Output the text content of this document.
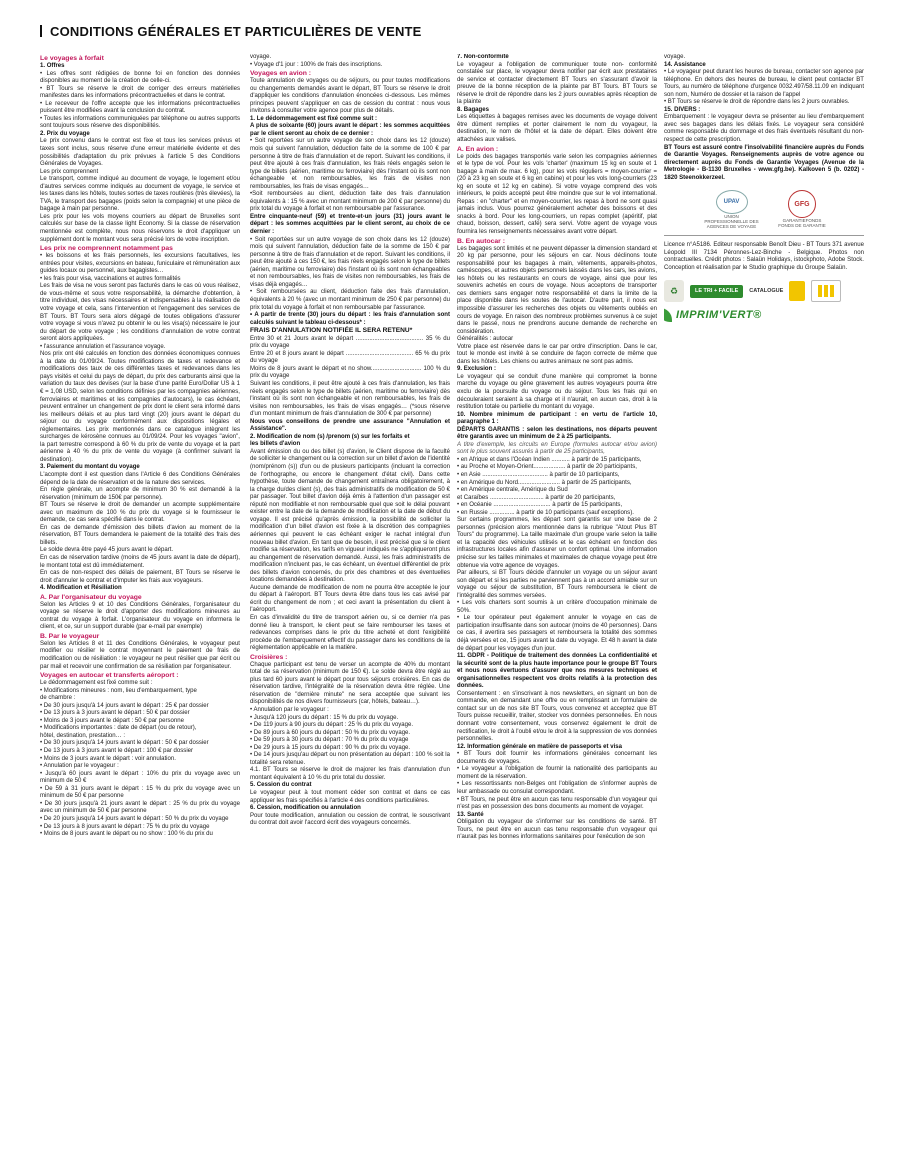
CONDITIONS GÉNÉRALES ET PARTICULIÈRES DE VENTE

Le voyages à forfait

1. Offres

• Les offres sont rédigées de bonne foi en fonction des données disponibles au moment de la création de celle-ci.

• BT Tours se réserve le droit de corriger des erreurs matérielles manifestes dans les informations précontractuelles et dans le contrat.

• Le receveur de l'offre accepte que les informations précontractuelles puissent être modifiées avant la conclusion du contrat.

• Toutes les informations communiquées par téléphone ou autres supports sont toujours sous réserve des disponibilités.

2. Prix du voyage

Le prix convenu dans le contrat est fixe et tous les services prévus et taxes sont inclus, sous réserve d'une erreur matérielle évidente et des possibilités d'adaptation du prix prévues à l'article 5 des Conditions Générales de Voyages.

Les prix comprennent

Le transport, comme indiqué au document de voyage, le logement et/ou d'autres services comme indiqués au document de voyage, le service et les taxes dans les hôtels, toutes sortes de taxes routières (très élevées), la TVA, le transport des bagages (poids selon la compagnie) et une pièce de bagage à main par personne.

Les prix pour les vols moyens courriers au départ de Bruxelles sont calculés sur base de la classe light Economy. Si la classe de réservation mentionnée est complète, nous nous réservons le droit d'appliquer un supplément dont le montant vous sera précisé lors de votre inscription.

Les prix ne comprennent notamment pas

• les boissons et les frais personnels, les excursions facultatives, les entrées pour visites, excursions en bateau, funiculaire et rémunération aux guides locaux ou personnel, aux bagagistes…

• les frais pour visa, vaccinations et autres formalités

Les frais de visa ne vous seront pas facturés dans le cas où vous réalisez, de vous-même et sous votre responsabilité, la démarche d'obtention, à titre individuel, des visas nécessaires et indispensables à la réalisation de votre voyage et cela, sans l'intervention et l'engagement des services de BT Tours. BT Tours sera alors dégagé de toutes obligations d'assurer votre voyage si vous n'avez pu obtenir le ou les visa(s) nécessaire le jour du départ de votre voyage ; les conditions d'annulation de votre contrat seront alors appliquées.

• l'assurance annulation et l'assurance voyage.

Nos prix ont été calculés en fonction des données économiques connues à la date du 01/09/24. Toutes modifications de taxes et redevance et modifications des taux de ces différentes taxes et redevances dans les pays visités et celui du pays de départ, du prix des carburants ainsi que la variation du taux des devises (sur la base d'une parité Euro/Dollar US à 1 € = 1,08 USD, selon les conditions définies par les compagnies aériennes, ferroviaires et maritimes et les compagnies d'autocars), le cas échéant, peuvent entraîner un changement de prix dont le client sera informé dans les meilleurs délais et au plus tard vingt (20) jours avant le départ du séjour ou du voyage conformément aux dispositions légales et réglementaires. Les prix mentionnés dans ce catalogue intègrent les surcharges de kérosène connues au 01/09/24. Pour les voyages "avion", la part terrestre correspond à 60 % du prix de vente du voyage et la part aérienne à 40 % du prix de vente du voyage (à confirmer suivant la destination).

3. Paiement du montant du voyage

L'acompte dont il est question dans l'Article 6 des Conditions Générales dépend de la date de réservation et de la nature des services.

En règle générale, un acompte de minimum 30 % est demandé à la réservation (minimum de 150€ par personne).

BT Tours se réserve le droit de demander un acompte supplémentaire avec un maximum de 100 % du prix du voyage si le fournisseur le demande, ce cas sera spécifié dans le contrat.

En cas de demande d'émission des billets d'avion au moment de la réservation, BT Tours demandera le paiement de la totalité des frais des billets.

Le solde devra être payé 45 jours avant le départ.

En cas de réservation tardive (moins de 45 jours avant la date de départ), le montant total est dû immédiatement.

En cas de non-respect des délais de paiement, BT Tours se réserve le droit d'annuler le contrat et d'imputer les frais aux voyageurs.

4. Modification et Résiliation

A. Par l'organisateur du voyage

Selon les Articles 9 et 10 des Conditions Générales, l'organisateur du voyage se réserve le droit d'apporter des modifications mineures au contrat du voyage à forfait. L'organisateur du voyage en informera le client, et ce, sur un support durable (par e-mail par exemple)

B. Par le voyageur

Selon les Articles 8 et 11 des Conditions Générales, le voyageur peut modifier ou résilier le contrat moyennant le paiement de frais de modification ou de résiliation : le voyageur ne peut résilier que par écrit ou par mail et recevoir une confirmation de sa résiliation par l'organisateur.

Voyages en autocar et transferts aéroport :

Le dédommagement est fixé comme suit :

• Modifications mineures : nom, lieu d'embarquement, type

de chambre :

• De 30 jours jusqu'à 14 jours avant le départ : 25 € par dossier

• De 13 jours à 3 jours avant le départ : 50 € par dossier

• Moins de 3 jours avant le départ : 50 € par personne

• Modifications importantes : date de départ (ou de retour),

hôtel, destination, prestation… :

• De 30 jours jusqu'à 14 jours avant le départ : 50 € par dossier

• De 13 jours à 3 jours avant le départ : 100 € par dossier

• Moins de 3 jours avant le départ : voir annulation.

• Annulation par le voyageur :

• Jusqu'à 60 jours avant le départ : 10% du prix du voyage avec un minimum de 50 €

• De 59 à 31 jours avant le départ : 15 % du prix du voyage avec un minimum de 50 € par personne

• De 30 jours jusqu'à 21 jours avant le départ : 25 % du prix du voyage avec un minimum de 50 € par personne

• De 20 jours jusqu'à 14 jours avant le départ : 50 % du prix du voyage

• De 13 jours à 8 jours avant le départ : 75 % du prix du voyage

• Moins de 8 jours avant le départ ou no show : 100 % du prix du

voyage.

• Voyage d'1 jour : 100% de frais des inscriptions.

Voyages en avion :

Toute annulation de voyages ou de séjours, ou pour toutes modifications ou changements demandés avant le départ, BT Tours se réserve le droit d'appliquer les conditions d'annulation énoncées ci-dessous. Les mêmes principes peuvent s'appliquer en cas de cession du contrat : nous vous invitons à consulter votre agence pour plus de détails.

1. Le dédommagement est fixé comme suit :

A plus de soixante (60) jours avant le départ : les sommes acquittées par le client seront au choix de ce dernier :

• Soit reportées sur un autre voyage de son choix dans les 12 (douze) mois qui suivent l'annulation, déduction faite de la somme de 100 € par personne à titre de frais d'annulation et de report. Suivant les conditions, il peut être ajouté à ces frais d'annulation, les frais réels engagés selon le type de billets (aérien, maritime ou ferroviaire) dès l'instant où ils sont non échangeable et non remboursables, les frais de visites non remboursables, les frais de visas engagés…

•Soit remboursées au client, déduction faite des frais d'annulation équivalents à : 15 % avec un montant minimum de 200 € par personne) du prix total du voyage à forfait et non remboursable par l'assurance.

Entre cinquante-neuf (59) et trente-et-un jours (31) jours avant le départ : les sommes acquittées par le client seront, au choix de ce dernier :

• Soit reportées sur un autre voyage de son choix dans les 12 (douze) mois qui suivent l'annulation, déduction faite de la somme de 150 € par personne à titre de frais d'annulation et de report. Suivant les conditions, il peut être ajouté à ces 150 €, les frais réels engagés selon le type de billets (aérien, maritime ou ferroviaire) dès l'instant où ils sont non échangeables et non remboursables, les frais de visites non remboursables, les frais de visas déjà engagés…

• Soit remboursées au client, déduction faite des frais d'annulation, équivalents à 20 % (avec un montant minimum de 250 € par personne) du prix total du voyage à forfait et non remboursable par l'assurance.

• A partir de trente (30) jours du départ : les frais d'annulation sont calculés suivant le tableau ci-dessous* :

FRAIS D'ANNULATION NOTIFIÉE IL SERA RETENU*

Entre 30 et 21 Jours avant le départ ........................................ 35 % du prix du voyage

Entre 20 et 8 jours avant le départ ........................................ 65 % du prix du voyage

Moins de 8 jours avant le départ et no show.............................. 100 % du prix du voyage

Suivant les conditions, il peut être ajouté à ces frais d'annulation, les frais réels engagés selon le type de billets (aérien, maritime ou ferroviaire) dès l'instant où ils sont non échangeable et non remboursables, les frais de visites non remboursables, les frais de visas engagés… (*sous réserve d'un montant minimum de frais d'annulation de 300 € par personne)

Nous vous conseillons de prendre une assurance "Annulation et Assistance".

2. Modification de nom (s) /prenom (s) sur les forfaits et

les billets d'avion

Avant émission du ou des billet (s) d'avion, le Client dispose de la faculté de solliciter le changement ou la correction sur un billet d'avion de l'identité (nom/prénom (s)) d'un ou de plusieurs participants (incluant la correction de l'orthographe, ou encore le changement d'état civil). Dans cette hypothèse, toute demande de changement entraînera obligatoirement, à la charge du/des client (s), des frais administratifs de modification de 50 € par passager. Tout billet d'avion déjà émis à l'attention d'un passager est réputé non modifiable et non remboursable quel que soit le délai pouvant exister entre la date de la demande de modification et la date de début du voyage. Il est précisé qu'après émission, la possibilité de solliciter la modification d'un billet d'avion est fixée à la discrétion des compagnies aériennes qui peuvent le cas échéant exiger le rachat intégral d'un nouveau billet d'avion. En tant que de besoin, il est précisé que si le client modifie sa réservation, les tarifs en vigueur indiqués ne s'appliqueront plus au changement de réservation demandé. Aussi, les frais administratifs de modification n'incluent pas, le cas échéant, un éventuel différentiel de prix des billets d'avion concernés, du prix des chambres et des éventuelles locations demandées à destination.

Aucune demande de modification de nom ne pourra être acceptée le jour du départ à l'aéroport. BT Tours devra être dans tous les cas avisé par écrit du changement de nom ; et ceci avant la présentation du client à l'aéroport.

En cas d'invalidité du titre de transport aérien ou, si ce dernier n'a pas donné lieu à transport, le client peut se faire rembourser les taxes et redevances comprises dans le prix du titre acheté et dont l'exigibilité procède de l'embarquement effectif du passager dans les conditions de la réglementation applicable en la matière.

Croisières :

Chaque participant est tenu de verser un acompte de 40% du montant total de sa réservation (minimum de 150 €). Le solde devra être réglé au plus tard 60 jours avant le départ pour tous séjours croisières. En cas de réservation tardive, l'intégralité de la réservation devra être réglée. Une réservation de "dernière minute" ne sera acceptée que suivant les disponibilités de nos divers fournisseurs (car, hôtels, bateau…).

• Annulation par le voyageur :

• Jusqu'à 120 jours du départ : 15 % du prix du voyage.

• De 119 jours à 90 jours du départ : 25 % du prix du voyage.

• De 89 jours à 60 jours du départ : 50 % du prix du voyage.

• De 59 jours à 30 jours du départ : 70 % du prix du voyage

• De 29 jours à 15 jours du départ : 90 % du prix du voyage.

• De 14 jours jusqu'au départ ou non présentation au départ : 100 % soit la totalité sera retenue.

4.1. BT Tours se réserve le droit de majorer les frais d'annulation d'un montant équivalent à 10 % du prix total du dossier.

5. Cession du contrat

Le voyageur peut à tout moment céder son contrat et dans ce cas appliquer les frais spécifiés à l'article 4 des conditions particulières.

6. Cession, modification ou annulation

Pour toute modification, annulation ou cession de contrat, le souscrivant du contrat doit avoir l'accord écrit des voyageurs concernés.

7. Non-conformité

Le voyageur a l'obligation de communiquer toute non- conformité constatée sur place, le voyageur devra notifier par écrit aux prestataires de service et contacter directement BT Tours en s'assurant d'avoir la preuve de la bonne réception de la plainte par BT Tours. BT Tours se réserve le droit de répondre dans les 2 jours ouvrables après réception de la plainte

8. Bagages

Les étiquettes à bagages remises avec les documents de voyage doivent être dûment remplies et porter clairement le nom du voyageur, la destination, le nom de l'hôtel et la date de départ. Elles doivent être attachées aux valises.

A. En avion :

Le poids des bagages transportés varie selon les compagnies aériennes et le type de vol. Pour les vols 'charter' (maximum 15 kg en soute et 1 bagage à main de max. 6 kg), pour les vols réguliers = moyen-courrier = (20 à 23 kg en soute et 6 kg en cabine) et pour les vols long-courriers (23 kg en soute et 12 kg en cabine). Si votre voyage comprend des vols intérieurs, le poids accepté peut être moindre que sur le vol international. Repas : en "charter" et en moyen-courrier, les repas à bord ne sont quasi jamais inclus. Vous pourrez généralement acheter des boissons et des snacks à bord. Pour les long-courriers, un repas complet (apéritif, plat chaud, boisson, dessert, café) sera servi. Votre agent de voyage vous fournira les renseignements nécessaires avant votre départ.

B. En autocar :

Les bagages sont limités et ne peuvent dépasser la dimension standard et 20 kg par personne, pour les séjours en car. Nous déclinons toute responsabilité pour les bagages à main, vêtements, appareils-photos, caméscopes, et autres objets personnels laissés dans les cars, les avions, les hôtels ou les restaurants en cours de voyage, ainsi que pour les souvenirs achetés en cours de voyage. Nous acceptons de transporter ces derniers sans engager notre responsabilité et dans la limite de la place disponible dans les soutes de l'autocar. D'autre part, il nous est impossible d'assurer les recherches des objets ou vêtements oubliés en cours de voyage. En raison des nombreux problèmes survenus à ce sujet dans le passé, nous ne prendrons aucune demande de recherche en considération.

Généralités : autocar

Votre place est réservée dans le car par ordre d'inscription. Dans le car, tout le monde est invité à se conduire de façon correcte de même que dans les hôtels. Les chiens ou autres animaux ne sont pas admis.

9. Exclusion :

Le voyageur qui se conduit d'une manière qui compromet la bonne marche du voyage ou gêne gravement les autres voyageurs pourra être exclu de la poursuite du voyage ou du séjour. Tous les frais qui en découleraient seraient à sa charge et il n'aurait, en aucun cas, droit à la restitution totale ou partielle du montant du voyage.

10. Nombre minimum de participant : en vertu de l'article 10, paragraphe 1 :

DÉPARTS GARANTIS : selon les destinations, nos départs peuvent être garantis avec un minimum de 2 à 25 participants.

A titre d'exemple, les circuits en Europe (formules autocar et/ou avion) sont le plus souvent assurés à partir de 25 participants,

• en Afrique et dans l'Océan Indien ........... à partir de 15 participants,

• au Proche et Moyen-Orient................... à partir de 20 participants,

• en Asie ....................................... à partir de 10 participants,

• en Amérique du Nord......................... à partir de 25 participants,

• en Amérique centrale, Amérique du Sud

et Caraïbes ................................ à partir de 20 participants,

• en Océanie .................................. à partir de 15 participants,

• en Russie ............... à partir de 10 participants (sauf exceptions).

Sur certains programmes, les départ sont garantis sur une base de 2 personnes (précision alors mentionnée dans la rubrique "Atout Plus BT Tours" du programme). La taille maximale d'un groupe varie selon la taille et la capacité des véhicules utilisés et le cas échéant en fonction des infrastructures locales afin d'assurer un confort optimal. Une information précise sur les tailles minimales et maximales de chaque voyage peut être obtenue via votre agence de voyages.

Par ailleurs, si BT Tours décide d'annuler un voyage ou un séjour avant son départ et si les parties ne parviennent pas à un accord amiable sur un voyage ou séjour de substitution, BT Tours remboursera le client de l'intégralité des sommes versées.

• Les vols charters sont soumis à un critère d'occupation minimale de 50%.

• Le tour opérateur peut également annuler le voyage en cas de participation insuffisante dans son autocar (moins de 40 personnes). Dans ce cas, il avertira ses passagers et remboursera la totalité des sommes déjà versées et ce, 15 jours avant la date du voyage. Et 48 h avant la date de départ pour les voyages d'un jour.

11. GDPR - Politique de traitement des données La confidentialité et la sécurité sont de la plus haute importance pour le groupe BT Tours et nous nous évertuons d'assurer que nos mesures techniques et organisationnelles respectent vos droits relatifs à la protection des données.

Consentement : en s'inscrivant à nos newsletters, en signant un bon de commande, en demandant une offre ou en remplissant un formulaire de contact sur un de nos site BT Tours, vous convenez et acceptez que BT Tours puisse recueillir, traiter, stocker vos données personnelles. En nous donnant votre consentement, vous conservez également le droit de rectification, le droit à l'oubli et/ou le droit à la suppression de vos données personnelles.

12. Information générale en matière de passeports et visa

• BT Tours doit fournir les informations générales concernant les documents de voyages.

• Le voyageur a l'obligation de fournir la nationalité des participants au moment de la réservation.

• Les ressortissants non-Belges ont l'obligation de s'informer auprès de leur ambassade ou consulat correspondant.

• BT Tours, ne peut être en aucun cas tenu responsable d'un voyageur qui n'est pas en possession des bons documents au moment de voyager.

13. Santé

Obligation du voyageur de s'informer sur les conditions de santé. BT Tours, ne peut être en aucun cas tenu responsable d'un voyageur qui n'aurait pas les bonnes informations sanitaires pour l'exécution de son

voyage.

14. Assistance

• Le voyageur peut durant les heures de bureau, contacter son agence par téléphone. En dehors des heures de bureau, le client peut contacter BT Tours, au numéro de téléphone d'urgence 0032.497/58.11.09 en indiquant son nom, Numéro de dossier et la raison de l'appel

• BT Tours se réserve le droit de répondre dans les 2 jours ouvrables.

15. DIVERS :

Embarquement : le voyageur devra se présenter au lieu d'embarquement avec ses bagages dans les délais fixés. Le voyageur sera considéré comme responsable du dommage et des frais éventuels résultant du non-respect de cette prescription.

BT Tours est assuré contre l'insolvabilité financière auprès du Fonds de Garantie Voyages. Renseignements auprès de votre agence ou directement auprès du Fonds de Garantie Voyages (Avenue de la Metrologie - B-1130 Bruxelles - www.gfg.be). Kalkoven 5 (b. 0202) - 1820 Steenokkerzeel.

UPAV
UNION PROFESSIONNELLE DES AGENCES DE VOYAGE
GFG
GARANTIEFONDS FONDS DE GARANTIE

Licence n°A5186. Editeur responsable Benoît Dieu - BT Tours 371 avenue Léopold III 7134 Péronnes-Lez-Binche - Belgique. Photos non contractuelles. Crédit photos : Salaün Holidays, istockphoto, Adobe Stock. Conception et réalisation par le Studio graphique du Groupe Salaün.

♻	LE TRI + FACILE	CATALOGUE
IMPRIM'VERT®
